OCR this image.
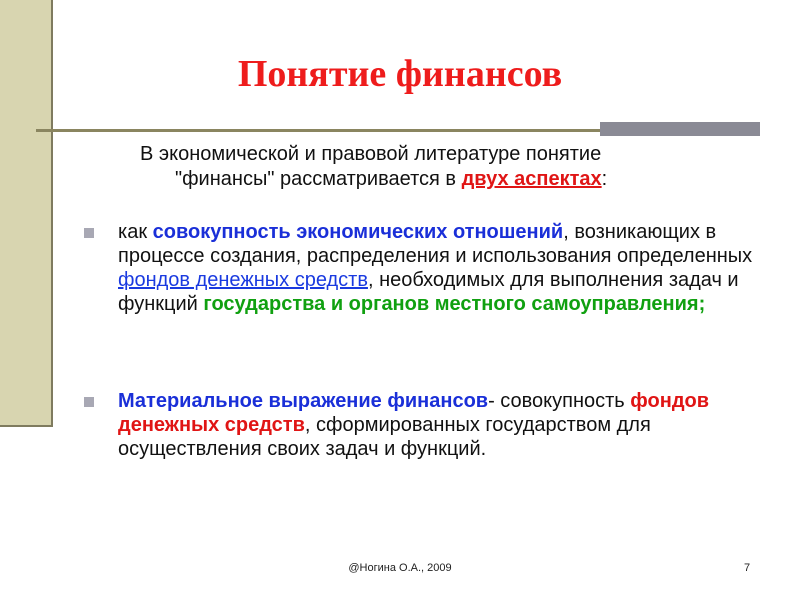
Понятие финансов

В экономической и правовой литературе понятие
"финансы" рассматривается в двух аспектах:

как совокупность экономических отношений, возникающих в процессе создания, распределения и использования определенных фондов денежных средств, необходимых для выполнения задач и функций государства и органов местного самоуправления;

Материальное выражение финансов- совокупность фондов денежных средств, сформированных государством для осуществления своих задач и функций.

@Ногина О.А., 2009	7
